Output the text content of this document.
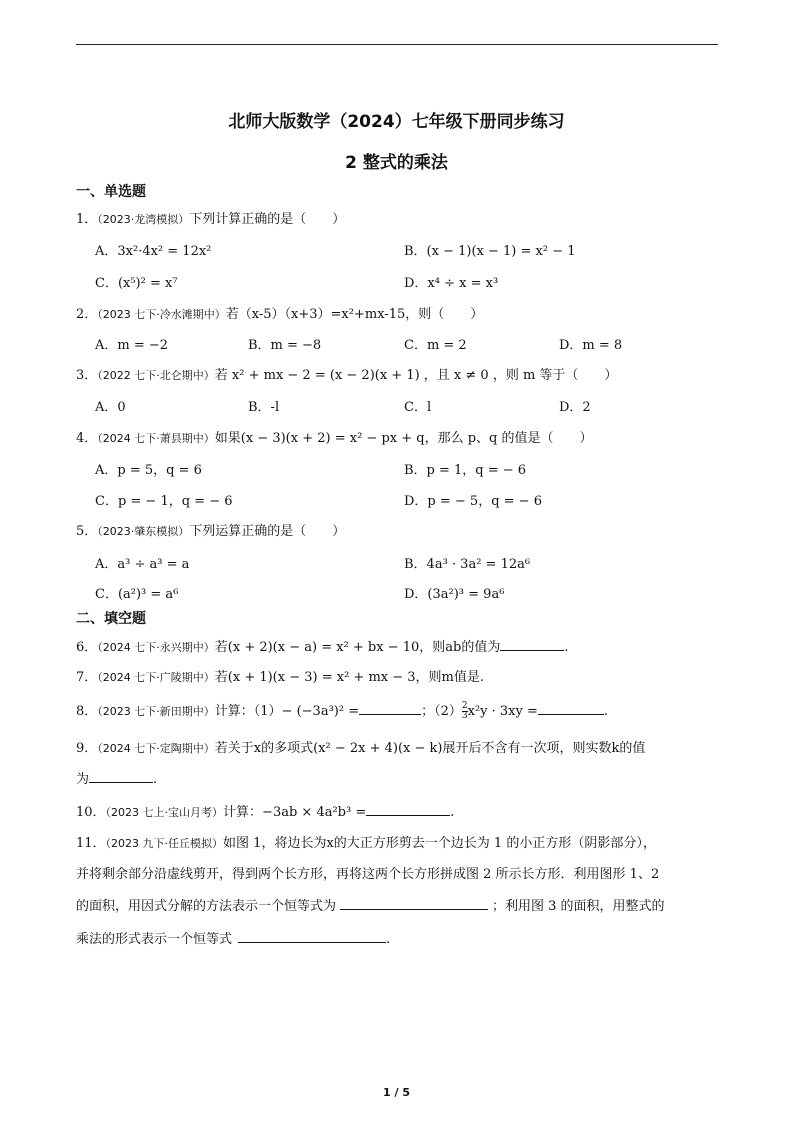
北师大版数学（2024）七年级下册同步练习
2 整式的乘法
一、单选题
1．（2023·龙湾模拟）下列计算正确的是（　　）
A．3x²·4x² = 12x²	B．(x − 1)(x − 1) = x² − 1
C．(x⁵)² = x⁷	D．x⁴ ÷ x = x³
2．（2023 七下·冷水滩期中）若（x-5）（x+3）=x²+mx-15，则（　　）
A．m = −2	B．m = −8	C．m = 2	D．m = 8
3．（2022 七下·北仑期中）若 x² + mx − 2 = (x − 2)(x + 1) ，且 x ≠ 0 ，则 m 等于（　　）
A．0	B．-l	C．l	D．2
4．（2024 七下·萧县期中）如果(x − 3)(x + 2) = x² − px + q，那么 p、q 的值是（　　）
A．p = 5，q = 6	B．p = 1，q = − 6
C．p = − 1，q = − 6	D．p = − 5，q = − 6
5．（2023·肇东模拟）下列运算正确的是（　　）
A．a³ ÷ a³ = a	B．4a³ · 3a² = 12a⁶
C．(a²)³ = a⁶	D．(3a²)³ = 9a⁶
二、填空题
6．（2024 七下·永兴期中）若(x + 2)(x − a) = x² + bx − 10，则ab的值为	.
7．（2024 七下·广陵期中）若(x + 1)(x − 3) = x² + mx − 3，则m值是.
8．（2023 七下·新田期中）计算：（1）− (−3a³)² =	；$(2) \frac{2}{3} x^2y \cdot 3xy$ =	.
9．（2024 七下·定陶期中）若关于x的多项式(x² − 2x + 4)(x − k)展开后不含有一次项，则实数k的值
为	.
10．（2023 七上·宝山月考）计算：−3ab × 4a²b³ =	.
11．（2023 九下·任丘模拟）如图 1，将边长为x的大正方形剪去一个边长为 1 的小正方形（阴影部分），
并将剩余部分沿虚线剪开，得到两个长方形，再将这两个长方形拼成图 2 所示长方形．利用图形 1、2
的面积，用因式分解的方法表示一个恒等式为	；利用图 3 的面积，用整式的
乘法的形式表示一个恒等式	.
1 / 5
